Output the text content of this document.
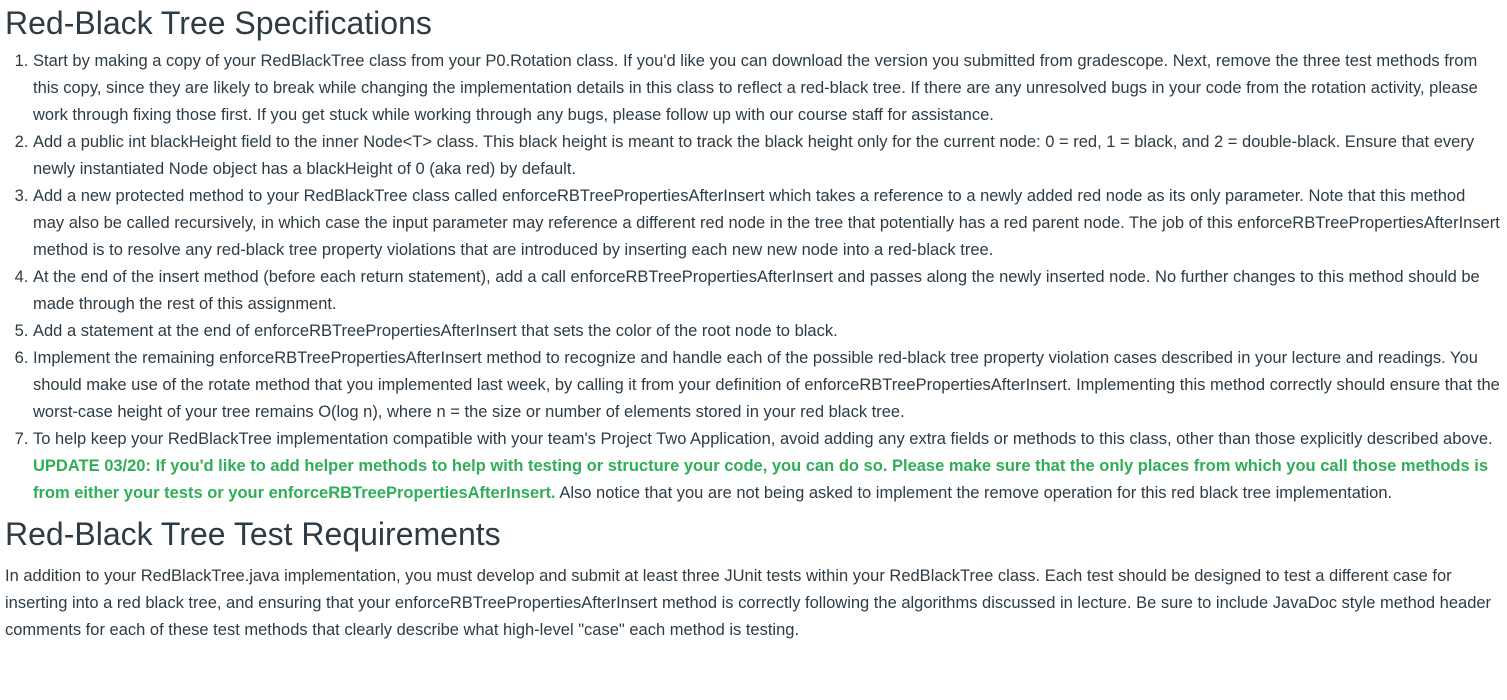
Red-Black Tree Specifications
1. Start by making a copy of your RedBlackTree class from your P0.Rotation class. If you'd like you can download the version you submitted from gradescope. Next, remove the three test methods from this copy, since they are likely to break while changing the implementation details in this class to reflect a red-black tree. If there are any unresolved bugs in your code from the rotation activity, please work through fixing those first. If you get stuck while working through any bugs, please follow up with our course staff for assistance.
2. Add a public int blackHeight field to the inner Node<T> class. This black height is meant to track the black height only for the current node: 0 = red, 1 = black, and 2 = double-black. Ensure that every newly instantiated Node object has a blackHeight of 0 (aka red) by default.
3. Add a new protected method to your RedBlackTree class called enforceRBTreePropertiesAfterInsert which takes a reference to a newly added red node as its only parameter. Note that this method may also be called recursively, in which case the input parameter may reference a different red node in the tree that potentially has a red parent node. The job of this enforceRBTreePropertiesAfterInsert method is to resolve any red-black tree property violations that are introduced by inserting each new new node into a red-black tree.
4. At the end of the insert method (before each return statement), add a call enforceRBTreePropertiesAfterInsert and passes along the newly inserted node. No further changes to this method should be made through the rest of this assignment.
5. Add a statement at the end of enforceRBTreePropertiesAfterInsert that sets the color of the root node to black.
6. Implement the remaining enforceRBTreePropertiesAfterInsert method to recognize and handle each of the possible red-black tree property violation cases described in your lecture and readings. You should make use of the rotate method that you implemented last week, by calling it from your definition of enforceRBTreePropertiesAfterInsert. Implementing this method correctly should ensure that the worst-case height of your tree remains O(log n), where n = the size or number of elements stored in your red black tree.
7. To help keep your RedBlackTree implementation compatible with your team's Project Two Application, avoid adding any extra fields or methods to this class, other than those explicitly described above. UPDATE 03/20: If you'd like to add helper methods to help with testing or structure your code, you can do so. Please make sure that the only places from which you call those methods is from either your tests or your enforceRBTreePropertiesAfterInsert. Also notice that you are not being asked to implement the remove operation for this red black tree implementation.
Red-Black Tree Test Requirements

In addition to your RedBlackTree.java implementation, you must develop and submit at least three JUnit tests within your RedBlackTree class. Each test should be designed to test a different case for inserting into a red black tree, and ensuring that your enforceRBTreePropertiesAfterInsert method is correctly following the algorithms discussed in lecture. Be sure to include JavaDoc style method header comments for each of these test methods that clearly describe what high-level "case" each method is testing.
